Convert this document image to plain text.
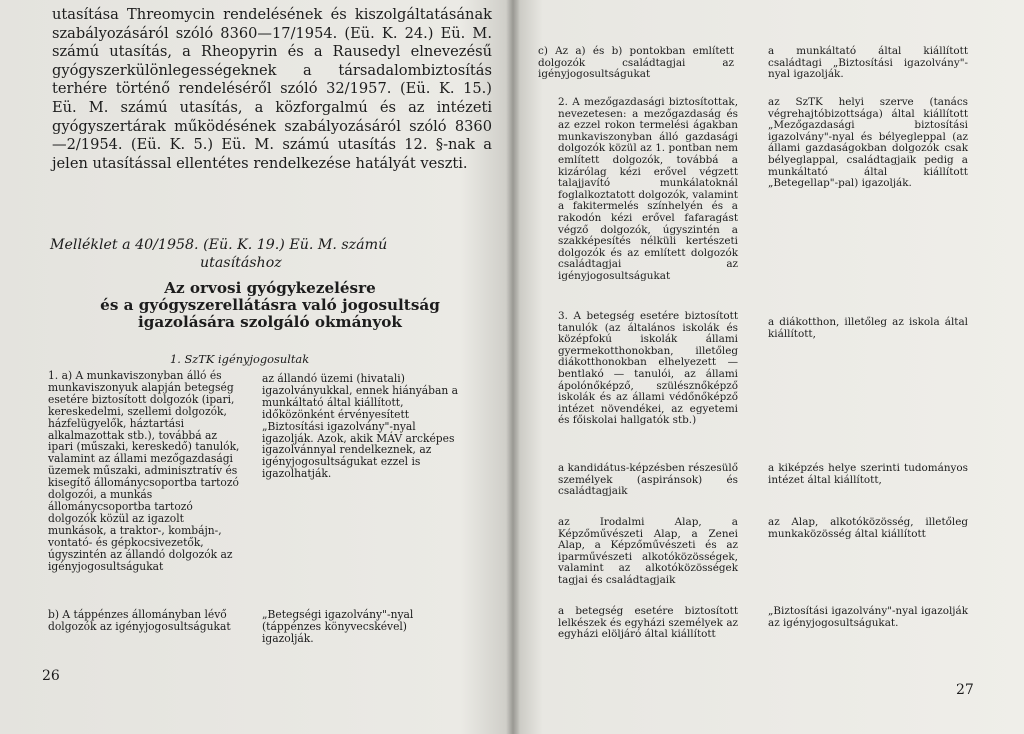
utasítása Threomycin rendelésének és kiszolgáltatásának szabályozásáról szóló 8360—17/1954. (Eü. K. 24.) Eü. M. számú utasítás, a Rheopyrin és a Rausedyl elnevezésű gyógyszerkülönlegességeknek a társadalombiztosítás terhére történő rendeléséről szóló 32/1957. (Eü. K. 15.) Eü. M. számú utasítás, a közforgalmú és az intézeti gyógyszertárak működésének szabályozásáról szóló 8360—2/1954. (Eü. K. 5.) Eü. M. számú utasítás 12. §-nak a jelen utasítással ellentétes rendelkezése hatályát veszti.

Melléklet a 40/1958. (Eü. K. 19.) Eü. M. számú
utasításhoz

Az orvosi gyógykezelésre
és a gyógyszerellátásra való jogosultság
igazolására szolgáló okmányok
1. SzTK igényjogosultak

1. a) A munkaviszonyban álló és munkaviszonyuk alapján betegség esetére biztosított dolgozók (ipari, kereskedelmi, szellemi dolgozók, házfelügyelők, háztartási alkalmazottak stb.), továbbá az ipari (műszaki, kereskedő) tanulók, valamint az állami mezőgazdasági üzemek műszaki, adminisztratív és kisegítő állománycsoportba tartozó dolgozói, a munkás állománycsoportba tartozó dolgozók közül az igazolt munkások, a traktor-, kombájn-, vontató- és gépkocsivezetők, úgyszintén az állandó dolgozók az igényjogosultságukat

az állandó üzemi (hivatali) igazolványukkal, ennek hiányában a munkáltató által kiállított, időközönként érvényesített „Biztosítási igazolvány"-nyal igazolják. Azok, akik MÁV arcképes igazolvánnyal rendelkeznek, az igényjogosultságukat ezzel is igazolhatják.

b) A táppénzes állományban lévő dolgozók az igényjogosultságukat

„Betegségi igazolvány"-nyal (táppénzes könyvecskével) igazolják.

26

c) Az a) és b) pontokban említett dolgozók családtagjai az igényjogosultságukat

a munkáltató által kiállított családtagi „Biztosítási igazolvány"-nyal igazolják.

2. A mezőgazdasági biztosítottak, nevezetesen: a mezőgazdaság és az ezzel rokon termelési ágakban munkaviszonyban álló gazdasági dolgozók közül az 1. pontban nem említett dolgozók, továbbá a kizárólag kézi erővel végzett talajjavító munkálatoknál foglalkoztatott dolgozók, valamint a fakitermelés színhelyén és a rakodón kézi erővel fafaragást végző dolgozók, úgyszintén a szakképesítés nélküli kertészeti dolgozók és az említett dolgozók családtagjai az igényjogosultságukat

az SzTK helyi szerve (tanács végrehajtóbizottsága) által kiállított „Mezőgazdasági biztosítási igazolvány"-nyal és bélyegleppal (az állami gazdaságokban dolgozók csak bélyeglappal, családtagjaik pedig a munkáltató által kiállított „Betegellap"-pal) igazolják.

3. A betegség esetére biztosított tanulók (az általános iskolák és középfokú iskolák állami gyermekotthonokban, illetőleg diákotthonokban elhelyezett — bentlakó — tanulói, az állami ápolónőképző, szülésznőképző iskolák és az állami védőnőképző intézet növendékei, az egyetemi és főiskolai hallgatók stb.)

a diákotthon, illetőleg az iskola által kiállított,

a kandidátus-képzésben részesülő személyek (aspiránsok) és családtagjaik

a kiképzés helye szerinti tudományos intézet által kiállított,

az Irodalmi Alap, a Képzőművészeti Alap, a Zenei Alap, a Képzőművészeti és az iparművészeti alkotóközösségek, valamint az alkotóközösségek tagjai és családtagjaik

az Alap, alkotóközösség, illetőleg munkaközösség által kiállított

a betegség esetére biztosított lelkészek és egyházi személyek az egyházi elöljáró által kiállított

„Biztosítási igazolvány"-nyal igazolják az igényjogosultságukat.

27
